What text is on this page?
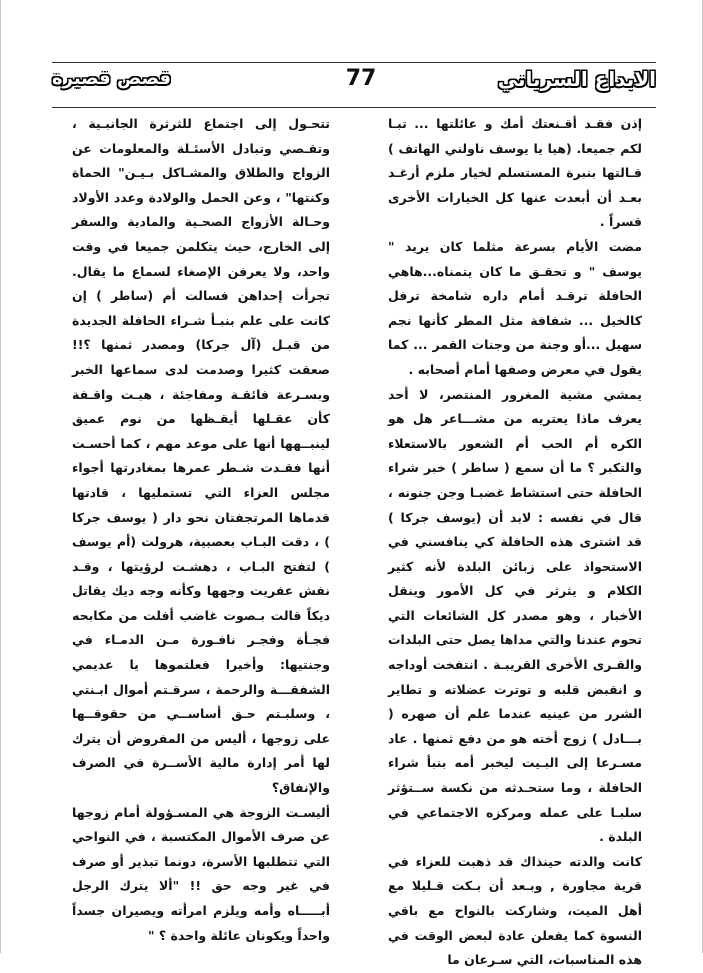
الابداع السرياني
77
قصص قصيرة

إذن فقـد أقـنعتك أمك و عائلتها ... تبـا لكم جميعا. (هيا يا يوسف ناولني الهاتف ) قـالتها بنبرة المستسلم لخيار ملزم أرغـد بعـد أن أبعدت عنها كل الخيارات الأخرى قسراً .

مضت الأيام بسرعة مثلما كان يريد " يوسف " و تحقـق ما كان يتمناه...هاهي الحافلة ترقـد أمام داره شامخة ترفل كالخيل ... شفافة مثل المطر كأنها نجم سهيل ...أو وجنة من وجنات القمر ... كما يقول في معرض وصفها أمام أصحابه .

يمشي مشية المغرور المنتصر، لا أحد يعرف ماذا يعتريه من مشـــاعر هل هو الكره أم الحب أم الشعور بالاستعلاء والتكبر ؟ ما أن سمع ( ساطر ) خبر شراء الحافلة حتى استشاط غضبـا وجن جنونه ، قال في نفسه : لابد أن (يوسف جركا ) قد اشترى هذه الحافلة كي ينافسني في الاستحواذ على زبائن البلدة لأنه كثير الكلام و يثرثر في كل الأمور وينقل الأخبار ، وهو مصدر كل الشائعات التي تحوم عندنا والتي مداها يصل حتى البلدات والقـرى الأخرى القريبـة . انتفخت أوداجه و انقبض قلبه و توترت عضلاته و تطاير الشرر من عينيه عندما علم أن صهره ( بـــادل ) زوج أخته هو من دفع ثمنها . عاد مسـرعا إلى البـيت ليخبر أمه بنبأ شراء الحافلة ، وما ستحـدثه من نكسة ســتؤثر سلبـا على عمله ومركزه الاجتماعي في البلدة .

كانت والدته حينذاك قد ذهبت للعزاء في قرية مجاورة , وبـعد أن بـكت قـليلا مع أهل الميت، وشاركت بالنواح مع باقي النسوة كما يفعلن عادة لبعض الوقت في هذه المناسبات، التي سـرعان ما

تتحـول إلى اجتماع للثرثرة الجانبـية ، وتقـصي وتبادل الأسئـلة والمعلومات عن الزواج والطلاق والمشـاكل بـيـن" الحماة وكنتها" ، وعن الحمل والولادة وعدد الأولاد وحـالة الأزواج الصحـية والمادية والسفر إلى الخارج، حيث يتكلمن جميعا في وقت واحد، ولا يعرفن الإصغاء لسماع ما يقال. تجرأت إحداهن فسالت أم (ساطر ) إن كانت على علم بنبـأ شـراء الحافلة الجديدة من قبـل (آل جركا) ومصدر ثمنها ؟!! صعقت كثيرا وصدمت لدى سماعها الخبر وبسـرعة فائقـة ومفاجئة ، هبـت واقـفة كأن عقـلها أيقـظها من نوم عميق لينبــهها أنها على موعد مهم ، كما أحسـت أنها فقـدت شـطر عمرها بمغادرتها أجواء مجلس العزاء التي تستمليها ، قادتها قدماها المرتجفتان نحو دار ( يوسف جركا ) ، دقت البـاب بعصبية، هرولت (أم يوسف ) لتفتح البـاب ، دهشـت لرؤيتها ، وقـد نفش عفريت وجهها وكأنه وجه ديك يقاتل ديكاً قالت بـصوت غاضب أفلت من مكابحه فجـأة وفجـر نافـورة مـن الدمـاء في وجنتيها: وأخيرا فعلتموها يا عديمي الشفقـــة والرحمة ، سرقـتم أموال ابـنتي ، وسلبـتم حـق أساســي من حقوقــها على زوجها ، أليس من المفروض أن يترك لها أمر إدارة مالية الأســرة في الصرف والإنفاق؟

أليسـت الزوجة هي المسـؤولة أمام زوجها عن صرف الأموال المكتسبة ، في النواحي التي تتطلبها الأسرة، دونما تبذير أو صرف في غير وجه حق !! "ألا يترك الرجل أبـــــاه وأمه ويلزم امرأته ويصيران جسداً واحداً ويكونان عائلة واحدة ؟ "
